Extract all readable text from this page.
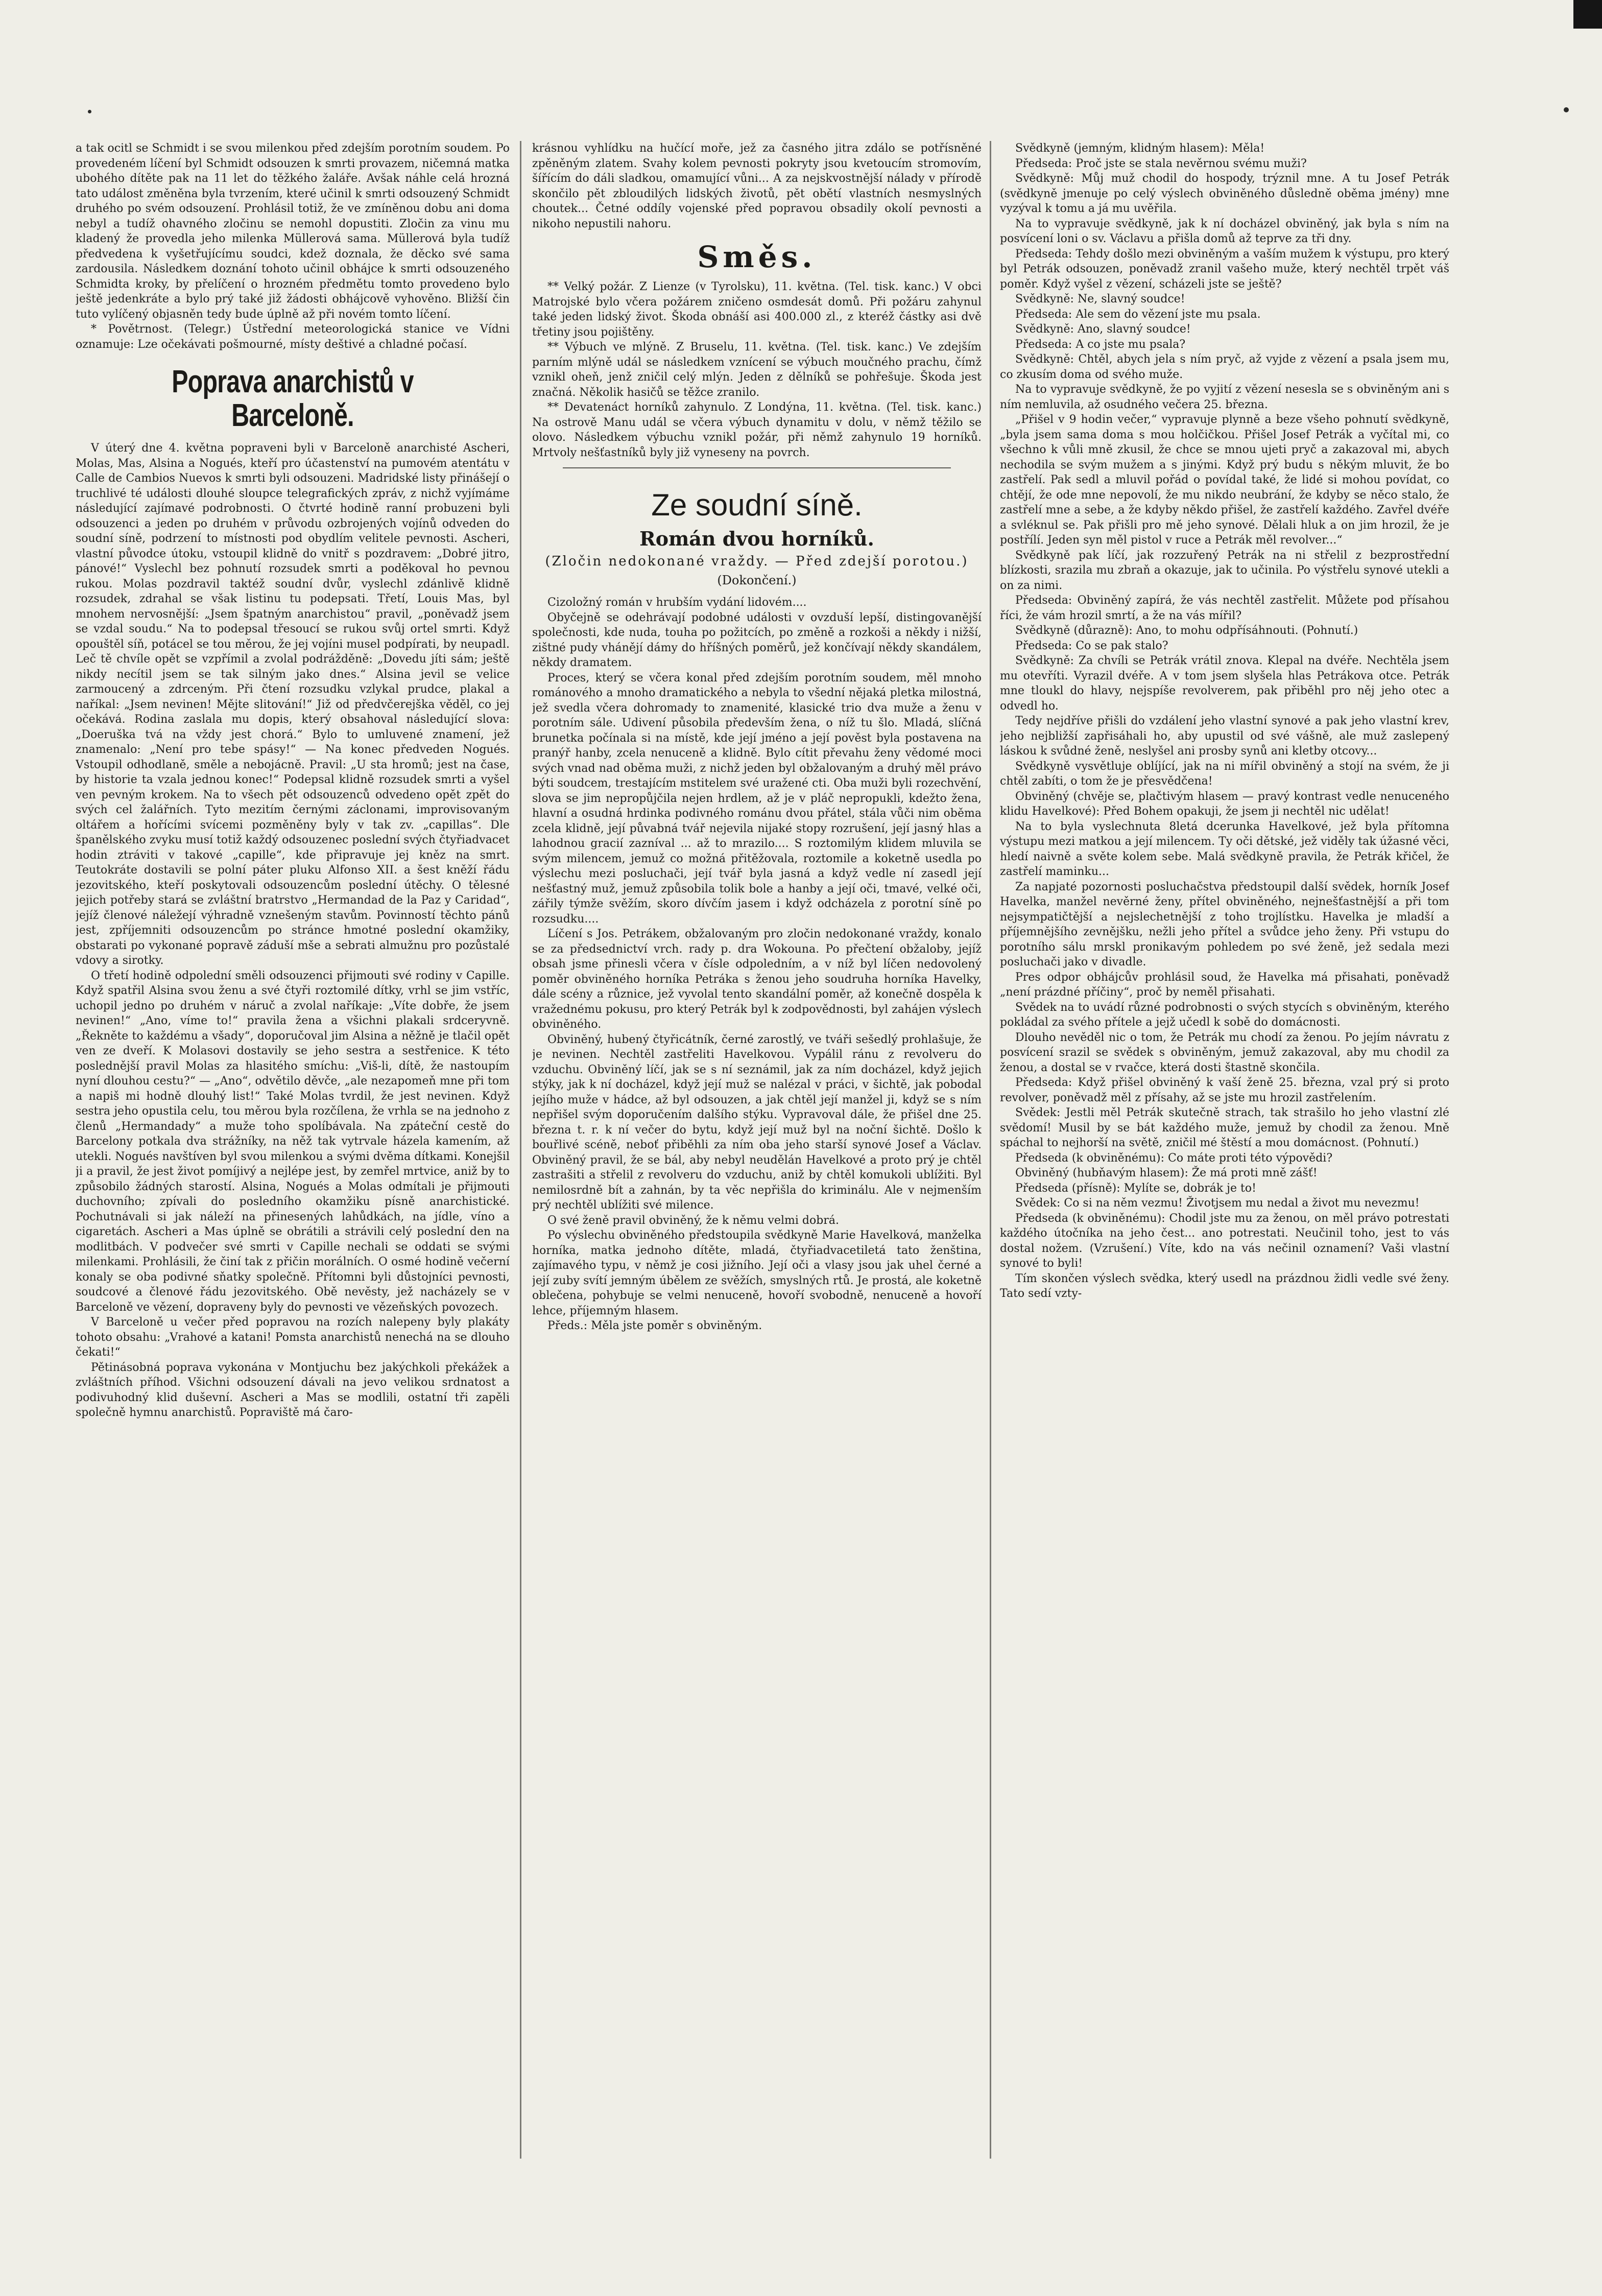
a tak ocitl se Schmidt i se svou milenkou před zdejším porotním soudem. Po provedeném líčení byl Schmidt odsouzen k smrti provazem, ničemná matka ubohého dítěte pak na 11 let do těžkého žaláře. Avšak náhle celá hrozná tato událost změněna byla tvrzením, které učinil k smrti odsouzený Schmidt druhého po svém odsouzení. Prohlásil totiž, že ve zmíněnou dobu ani doma nebyl a tudíž ohavného zločinu se nemohl dopustiti. Zločin za vinu mu kladený že provedla jeho milenka Müllerová sama. Müllerová byla tudíž předvedena k vyšetřujícímu soudci, kdež doznala, že děcko své sama zardousila. Následkem doznání tohoto učinil obhájce k smrti odsouzeného Schmidta kroky, by přelíčení o hrozném předmětu tomto provedeno bylo ještě jedenkráte a bylo prý také již žádosti obhájcově vyhověno. Bližší čin tuto vylíčený objasněn tedy bude úplně až při novém tomto líčení.

* Povětrnost. (Telegr.) Ústřední meteorologická stanice ve Vídni oznamuje: Lze očekávati pošmourné, místy deštivé a chladné počasí.

Poprava anarchistů v Barceloně.

V úterý dne 4. května popraveni byli v Barceloně anarchisté Ascheri, Molas, Mas, Alsina a Nogués, kteří pro účastenství na pumovém atentátu v Calle de Cambios Nuevos k smrti byli odsouzeni. Madridské listy přinášejí o truchlivé té události dlouhé sloupce telegrafických zpráv, z nichž vyjímáme následující zajímavé podrobnosti. O čtvrté hodině ranní probuzeni byli odsouzenci a jeden po druhém v průvodu ozbrojených vojínů odveden do soudní síně, podrzení to místnosti pod obydlím velitele pevnosti. Ascheri, vlastní původce útoku, vstoupil klidně do vnitř s pozdravem: „Dobré jitro, pánové!“ Vyslechl bez pohnutí rozsudek smrti a poděkoval ho pevnou rukou. Molas pozdravil taktéž soudní dvůr, vyslechl zdánlivě klidně rozsudek, zdrahal se však listinu tu podepsati. Třetí, Louis Mas, byl mnohem nervosnější: „Jsem špatným anarchistou“ pravil, „poněvadž jsem se vzdal soudu.“ Na to podepsal třesoucí se rukou svůj ortel smrti. Když opouštěl síň, potácel se tou měrou, že jej vojíni musel podpírati, by neupadl. Leč tě chvíle opět se vzpřímil a zvolal podrážděně: „Dovedu jíti sám; ještě nikdy necítil jsem se tak silným jako dnes.“ Alsina jevil se velice zarmoucený a zdrceným. Při čtení rozsudku vzlykal prudce, plakal a naříkal: „Jsem nevinen! Mějte slitování!“ Již od předvčerejška věděl, co jej očekává. Rodina zaslala mu dopis, který obsahoval následující slova: „Doeruška tvá na vždy jest chorá.“ Bylo to umluvené znamení, jež znamenalo: „Není pro tebe spásy!“ — Na konec předveden Nogués. Vstoupil odhodlaně, směle a nebojácně. Pravil: „U sta hromů; jest na čase, by historie ta vzala jednou konec!“ Podepsal klidně rozsudek smrti a vyšel ven pevným krokem. Na to všech pět odsouzenců odvedeno opět zpět do svých cel žalářních. Tyto mezitím černými záclonami, improvisovaným oltářem a hořícími svícemi pozměněny byly v tak zv. „capillas“. Dle španělského zvyku musí totiž každý odsouzenec poslední svých čtyřiadvacet hodin ztráviti v takové „capille“, kde připravuje jej kněz na smrt. Teutokráte dostavili se polní páter pluku Alfonso XII. a šest kněží řádu jezovitského, kteří poskytovali odsouzencům poslední útěchy. O tělesné jejich potřeby stará se zvláštní bratrstvo „Hermandad de la Paz y Caridad“, jejíž členové náležejí výhradně vznešeným stavům. Povinností těchto pánů jest, zpříjemniti odsouzencům po stránce hmotné poslední okamžiky, obstarati po vykonané popravě záduší mše a sebrati almužnu pro pozůstalé vdovy a sirotky.

O třetí hodině odpolední směli odsouzenci přijmouti své rodiny v Capille. Když spatřil Alsina svou ženu a své čtyři roztomilé dítky, vrhl se jim vstříc, uchopil jedno po druhém v náruč a zvolal naříkaje: „Víte dobře, že jsem nevinen!“ „Ano, víme to!“ pravila žena a všichni plakali srdceryvně. „Řekněte to každému a všady“, doporučoval jim Alsina a něžně je tlačil opět ven ze dveří. K Molasovi dostavily se jeho sestra a sestřenice. K této poslednější pravil Molas za hlasitého smíchu: „Viš-li, dítě, že nastoupím nyní dlouhou cestu?“ — „Ano“, odvětilo děvče, „ale nezapomeň mne při tom a napiš mi hodně dlouhý list!“ Také Molas tvrdil, že jest nevinen. Když sestra jeho opustila celu, tou měrou byla rozčílena, že vrhla se na jednoho z členů „Hermandady“ a muže toho spolíbávala. Na zpáteční cestě do Barcelony potkala dva strážníky, na něž tak vytrvale házela kamením, až utekli. Nogués navštíven byl svou milenkou a svými dvěma dítkami. Konejšil ji a pravil, že jest život pomíjivý a nejlépe jest, by zemřel mrtvice, aniž by to způsobilo žádných starostí. Alsina, Nogués a Molas odmítali je přijmouti duchovního; zpívali do posledního okamžiku písně anarchistické. Pochutnávali si jak náleží na přinesených lahůdkách, na jídle, víno a cigaretách. Ascheri a Mas úplně se obrátili a strávili celý poslední den na modlitbách. V podvečer své smrti v Capille nechali se oddati se svými milenkami. Prohlásili, že činí tak z přičin morálních. O osmé hodině večerní konaly se oba podivné sňatky společně. Přítomni byli důstojníci pevnosti, soudcové a členové řádu jezovitského. Obě nevěsty, jež nacházely se v Barceloně ve vězení, dopraveny byly do pevnosti ve vězeňských povozech.

V Barceloně u večer před popravou na rozích nalepeny byly plakáty tohoto obsahu: „Vrahové a katani! Pomsta anarchistů nenechá na se dlouho čekati!“

Pětinásobná poprava vykonána v Montjuchu bez jakýchkoli překážek a zvláštních příhod. Všichni odsouzení dávali na jevo velikou srdnatost a podivuhodný klid duševní. Ascheri a Mas se modlili, ostatní tři zapěli společně hymnu anarchistů. Popraviště má čaro-

krásnou vyhlídku na hučící moře, jež za časného jitra zdálo se potřísněné zpěněným zlatem. Svahy kolem pevnosti pokryty jsou kvetoucím stromovím, šířícím do dáli sladkou, omamující vůni... A za nejskvostnější nálady v přírodě skončilo pět zbloudilých lidských životů, pět obětí vlastních nesmyslných choutek... Četné oddíly vojenské před popravou obsadily okolí pevnosti a nikoho nepustili nahoru.

Směs.

** Velký požár. Z Lienze (v Tyrolsku), 11. května. (Tel. tisk. kanc.) V obci Matrojské bylo včera požárem zničeno osmdesát domů. Při požáru zahynul také jeden lidský život. Škoda obnáší asi 400.000 zl., z kteréž částky asi dvě třetiny jsou pojištěny.

** Výbuch ve mlýně. Z Bruselu, 11. května. (Tel. tisk. kanc.) Ve zdejším parním mlýně udál se následkem vznícení se výbuch moučného prachu, čímž vznikl oheň, jenž zničil celý mlýn. Jeden z dělníků se pohřešuje. Škoda jest značná. Několik hasičů se těžce zranilo.

** Devatenáct horníků zahynulo. Z Londýna, 11. května. (Tel. tisk. kanc.) Na ostrově Manu udál se včera výbuch dynamitu v dolu, v němž těžilo se olovo. Následkem výbuchu vznikl požár, při němž zahynulo 19 horníků. Mrtvoly nešťastníků byly již vyneseny na povrch.

Ze soudní síně.
Román dvou horníků.
(Zločin nedokonané vraždy. — Před zdejší porotou.)
(Dokončení.)

Cizoložný román v hrubším vydání lidovém....

Obyčejně se odehrávají podobné události v ovzduší lepší, distingovanější společnosti, kde nuda, touha po požitcích, po změně a rozkoši a někdy i nižší, zištné pudy vhánějí dámy do hříšných poměrů, jež končívají někdy skandálem, někdy dramatem.

Proces, který se včera konal před zdejším porotním soudem, měl mnoho románového a mnoho dramatického a nebyla to všední nějaká pletka milostná, jež svedla včera dohromady to znamenité, klasické trio dva muže a ženu v porotním sále. Udivení působila především žena, o níž tu šlo. Mladá, slíčná brunetka počínala si na místě, kde její jméno a její pověst byla postavena na pranýř hanby, zcela nenuceně a klidně. Bylo cítit převahu ženy vědomé moci svých vnad nad oběma muži, z nichž jeden byl obžalovaným a druhý měl právo býti soudcem, trestajícím mstitelem své uražené cti. Oba muži byli rozechvění, slova se jim nepropůjčila nejen hrdlem, až je v pláč nepropukli, kdežto žena, hlavní a osudná hrdinka podivného románu dvou přátel, stála vůči nim oběma zcela klidně, její půvabná tvář nejevila nijaké stopy rozrušení, její jasný hlas a lahodnou gracií zazníval ... až to mrazilo.... S roztomilým klidem mluvila se svým milencem, jemuž co možná přitěžovala, roztomile a koketně usedla po výslechu mezi posluchači, její tvář byla jasná a když vedle ní zasedl její nešťastný muž, jemuž způsobila tolik bole a hanby a její oči, tmavé, velké oči, zářily týmže svěžím, skoro dívčím jasem i když odcházela z porotní síně po rozsudku....

Líčení s Jos. Petrákem, obžalovaným pro zločin nedokonané vraždy, konalo se za předsednictví vrch. rady p. dra Wokouna. Po přečtení obžaloby, jejíž obsah jsme přinesli včera v čísle odpoledním, a v níž byl líčen nedovolený poměr obviněného horníka Petráka s ženou jeho soudruha horníka Havelky, dále scény a různice, jež vyvolal tento skandální poměr, až konečně dospěla k vražednému pokusu, pro který Petrák byl k zodpovědnosti, byl zahájen výslech obviněného.

Obviněný, hubený čtyřicátník, černé zarostlý, ve tváři sešedlý prohlašuje, že je nevinen. Nechtěl zastřeliti Havelkovou. Vypálil ránu z revolveru do vzduchu. Obviněný líčí, jak se s ní seznámil, jak za ním docházel, když jejich stýky, jak k ní docházel, když její muž se nalézal v práci, v šichtě, jak pobodal jejího muže v hádce, až byl odsouzen, a jak chtěl její manžel ji, když se s ním nepřišel svým doporučením dalšího stýku. Vypravoval dále, že přišel dne 25. března t. r. k ní večer do bytu, když její muž byl na noční šichtě. Došlo k bouřlivé scéně, neboť přiběhli za ním oba jeho starší synové Josef a Václav. Obviněný pravil, že se bál, aby nebyl neudělán Havelkové a proto prý je chtěl zastrašiti a střelil z revolveru do vzduchu, aniž by chtěl komukoli ublížiti. Byl nemilosrdně bít a zahnán, by ta věc nepřišla do kriminálu. Ale v nejmenším prý nechtěl ublížiti své milence.

O své ženě pravil obviněný, že k němu velmi dobrá.

Po výslechu obviněného předstoupila svědkyně Marie Havelková, manželka horníka, matka jednoho dítěte, mladá, čtyřiadvacetiletá tato ženština, zajímavého typu, v němž je cosi jižního. Její oči a vlasy jsou jak uhel černé a její zuby svítí jemným úbělem ze svěžích, smyslných rtů. Je prostá, ale koketně oblečena, pohybuje se velmi nenuceně, hovoří svobodně, nenuceně a hovoří lehce, příjemným hlasem.

Předs.: Měla jste poměr s obviněným.

Svědkyně (jemným, klidným hlasem): Měla!

Předseda: Proč jste se stala nevěrnou svému muži?

Svědkyně: Můj muž chodil do hospody, trýznil mne. A tu Josef Petrák (svědkyně jmenuje po celý výslech obviněného důsledně oběma jmény) mne vyzýval k tomu a já mu uvěřila.

Na to vypravuje svědkyně, jak k ní docházel obviněný, jak byla s ním na posvícení loni o sv. Václavu a přišla domů až teprve za tři dny.

Předseda: Tehdy došlo mezi obviněným a vaším mužem k výstupu, pro který byl Petrák odsouzen, poněvadž zranil vašeho muže, který nechtěl trpět váš poměr. Když vyšel z vězení, scházeli jste se ještě?

Svědkyně: Ne, slavný soudce!

Předseda: Ale sem do vězení jste mu psala.

Svědkyně: Ano, slavný soudce!

Předseda: A co jste mu psala?

Svědkyně: Chtěl, abych jela s ním pryč, až vyjde z vězení a psala jsem mu, co zkusím doma od svého muže.

Na to vypravuje svědkyně, že po vyjití z vězení nesesla se s obviněným ani s ním nemluvila, až osudného večera 25. března.

„Přišel v 9 hodin večer,“ vypravuje plynně a beze všeho pohnutí svědkyně, „byla jsem sama doma s mou holčičkou. Přišel Josef Petrák a vyčítal mi, co všechno k vůli mně zkusil, že chce se mnou ujeti pryč a zakazoval mi, abych nechodila se svým mužem a s jinými. Když prý budu s někým mluvit, že bo zastřelí. Pak sedl a mluvil pořád o povídal také, že lidé si mohou povídat, co chtějí, že ode mne nepovolí, že mu nikdo neubrání, že kdyby se něco stalo, že zastřelí mne a sebe, a že kdyby někdo přišel, že zastřelí každého. Zavřel dvéře a svléknul se. Pak přišli pro mě jeho synové. Dělali hluk a on jim hrozil, že je postřílí. Jeden syn měl pistol v ruce a Petrák měl revolver...“

Svědkyně pak líčí, jak rozzuřený Petrák na ni střelil z bezprostřední blízkosti, srazila mu zbraň a okazuje, jak to učinila. Po výstřelu synové utekli a on za nimi.

Předseda: Obviněný zapírá, že vás nechtěl zastřelit. Můžete pod přísahou říci, že vám hrozil smrtí, a že na vás mířil?

Svědkyně (důrazně): Ano, to mohu odpřísáhnouti. (Pohnutí.)

Předseda: Co se pak stalo?

Svědkyně: Za chvíli se Petrák vrátil znova. Klepal na dvéře. Nechtěla jsem mu otevříti. Vyrazil dvéře. A v tom jsem slyšela hlas Petrákova otce. Petrák mne tloukl do hlavy, nejspíše revolverem, pak přiběhl pro něj jeho otec a odvedl ho.

Tedy nejdříve přišli do vzdálení jeho vlastní synové a pak jeho vlastní krev, jeho nejbližší zapřisáhali ho, aby upustil od své vášně, ale muž zaslepený láskou k svůdné ženě, neslyšel ani prosby synů ani kletby otcovy...

Svědkyně vysvětluje oblíjící, jak na ni mířil obviněný a stojí na svém, že ji chtěl zabíti, o tom že je přesvědčena!

Obviněný (chvěje se, plačtivým hlasem — pravý kontrast vedle nenuceného klidu Havelkové): Před Bohem opakuji, že jsem ji nechtěl nic udělat!

Na to byla vyslechnuta 8letá dcerunka Havelkové, jež byla přítomna výstupu mezi matkou a její milencem. Ty oči dětské, jež viděly tak úžasné věci, hledí naivně a světe kolem sebe. Malá svědkyně pravila, že Petrák křičel, že zastřelí maminku...

Za napjaté pozornosti posluchačstva předstoupil další svědek, horník Josef Havelka, manžel nevěrné ženy, přítel obviněného, nejnešťastnější a při tom nejsympatičtější a nejslechetnější z toho trojlístku. Havelka je mladší a příjemnějšího zevnějšku, nežli jeho přítel a svůdce jeho ženy. Při vstupu do porotního sálu mrskl pronikavým pohledem po své ženě, jež sedala mezi posluchači jako v divadle.

Pres odpor obhájcův prohlásil soud, že Havelka má přisahati, poněvadž „není prázdné příčiny“, proč by neměl přisahati.

Svědek na to uvádí různé podrobnosti o svých stycích s obviněným, kterého pokládal za svého přítele a jejž učedl k sobě do domácnosti.

Dlouho nevěděl nic o tom, že Petrák mu chodí za ženou. Po jejím návratu z posvícení srazil se svědek s obviněným, jemuž zakazoval, aby mu chodil za ženou, a dostal se v rvačce, která dosti štastně skončila.

Předseda: Když přišel obviněný k vaší ženě 25. března, vzal prý si proto revolver, poněvadž měl z přísahy, až se jste mu hrozil zastřelením.

Svědek: Jestli měl Petrák skutečně strach, tak strašilo ho jeho vlastní zlé svědomí! Musil by se bát každého muže, jemuž by chodil za ženou. Mně spáchal to nejhorší na světě, zničil mé štěstí a mou domácnost. (Pohnutí.)

Předseda (k obviněnému): Co máte proti této výpovědi?

Obviněný (hubňavým hlasem): Že má proti mně zášť!

Předseda (přísně): Mylíte se, dobrák je to!

Svědek: Co si na něm vezmu! Životjsem mu nedal a život mu nevezmu!

Předseda (k obviněnému): Chodil jste mu za ženou, on měl právo potrestati každého útočníka na jeho čest... ano potrestati. Neučinil toho, jest to vás dostal nožem. (Vzrušení.) Víte, kdo na vás nečinil oznamení? Vaši vlastní synové to byli!

Tím skončen výslech svědka, který usedl na prázdnou židli vedle své ženy. Tato sedí vzty-
